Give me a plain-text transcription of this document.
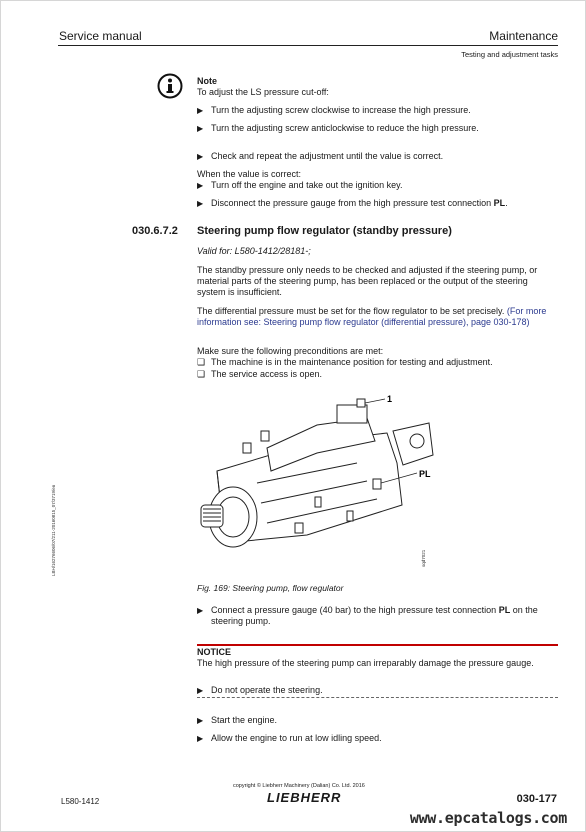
Service manual	Maintenance
Testing and adjustment tasks
Note
To adjust the LS pressure cut-off:
▶ Turn the adjusting screw clockwise to increase the high pressure.
▶ Turn the adjusting screw anticlockwise to reduce the high pressure.
▶ Check and repeat the adjustment until the value is correct.
When the value is correct:
▶ Turn off the engine and take out the ignition key.
▶ Disconnect the pressure gauge from the high pressure test connection PL.
030.6.7.2 Steering pump flow regulator (standby pressure)
Valid for: L580-1412/28181-;
The standby pressure only needs to be checked and adjusted if the steering pump, or material parts of the steering pump, has been replaced or the output of the steering system is insufficient.
The differential pressure must be set for the flow regulator to be set precisely. (For more information see: Steering pump flow regulator (differential pressure), page 030-178)
Make sure the following preconditions are met:
❑ The machine is in the maintenance position for testing and adjustment.
❑ The service access is open.
1
PL
sqd7021
Fig. 169: Steering pump, flow regulator
▶ Connect a pressure gauge (40 bar) to the high pressure test connection PL on the steering pump.
NOTICE
The high pressure of the steering pump can irreparably damage the pressure gauge.
▶ Do not operate the steering.
▶ Start the engine.
▶ Allow the engine to run at low idling speed.
LBH/16276606/07/211-20160815_07/3719/en
copyright © Liebherr Machinery (Dalian) Co. Ltd. 2016
L580-1412	LIEBHERR	030-177
www.epcatalogs.com
